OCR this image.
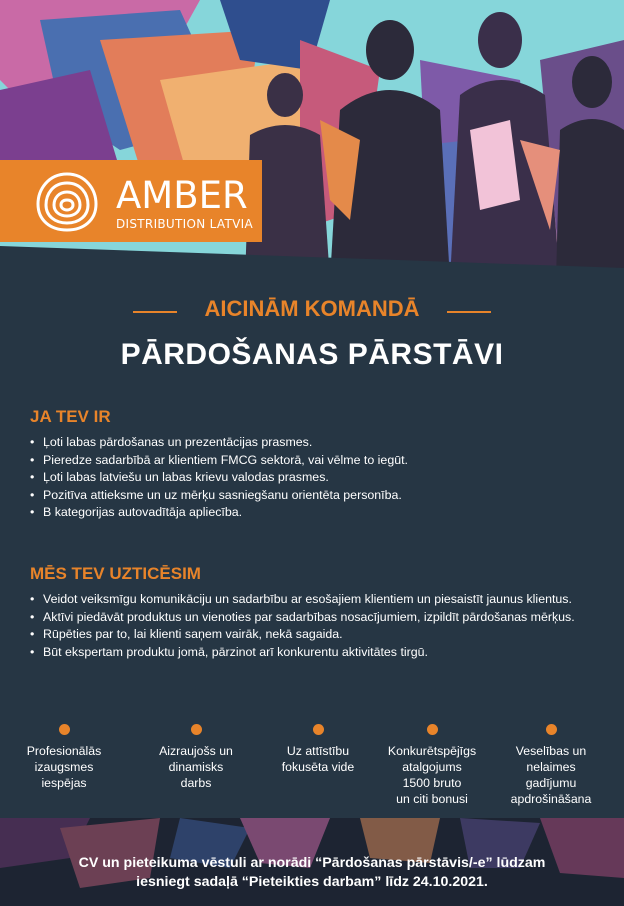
AMBER
DISTRIBUTION LATVIA
AICINĀM KOMANDĀ
PĀRDOŠANAS PĀRSTĀVI
JA TEV IR
• Ļoti labas pārdošanas un prezentācijas prasmes.
• Pieredze sadarbībā ar klientiem FMCG sektorā, vai vēlme to iegūt.
• Ļoti labas latviešu un labas krievu valodas prasmes.
• Pozitīva attieksme un uz mērķu sasniegšanu orientēta personība.
• B kategorijas autovadītāja apliecība.
MĒS TEV UZTICĒSIM
• Veidot veiksmīgu komunikāciju un sadarbību ar esošajiem klientiem un piesaistīt jaunus klientus.
• Aktīvi piedāvāt produktus un vienoties par sadarbības nosacījumiem, izpildīt pārdošanas mērķus.
• Rūpēties par to, lai klienti saņem vairāk, nekā sagaida.
• Būt ekspertam produktu jomā, pārzinot arī konkurentu aktivitātes tirgū.
Profesionālās
izaugsmes
iespējas
Aizraujošs un
dinamisks
darbs
Uz attīstību
fokusēta vide
Konkurētspējīgs
atalgojums
1500 bruto
un citi bonusi
Veselības un
nelaimes
gadījumu
apdrošināšana
CV un pieteikuma vēstuli ar norādi “Pārdošanas pārstāvis/-e” lūdzam
iesniegt sadaļā “Pieteikties darbam” līdz 24.10.2021.
